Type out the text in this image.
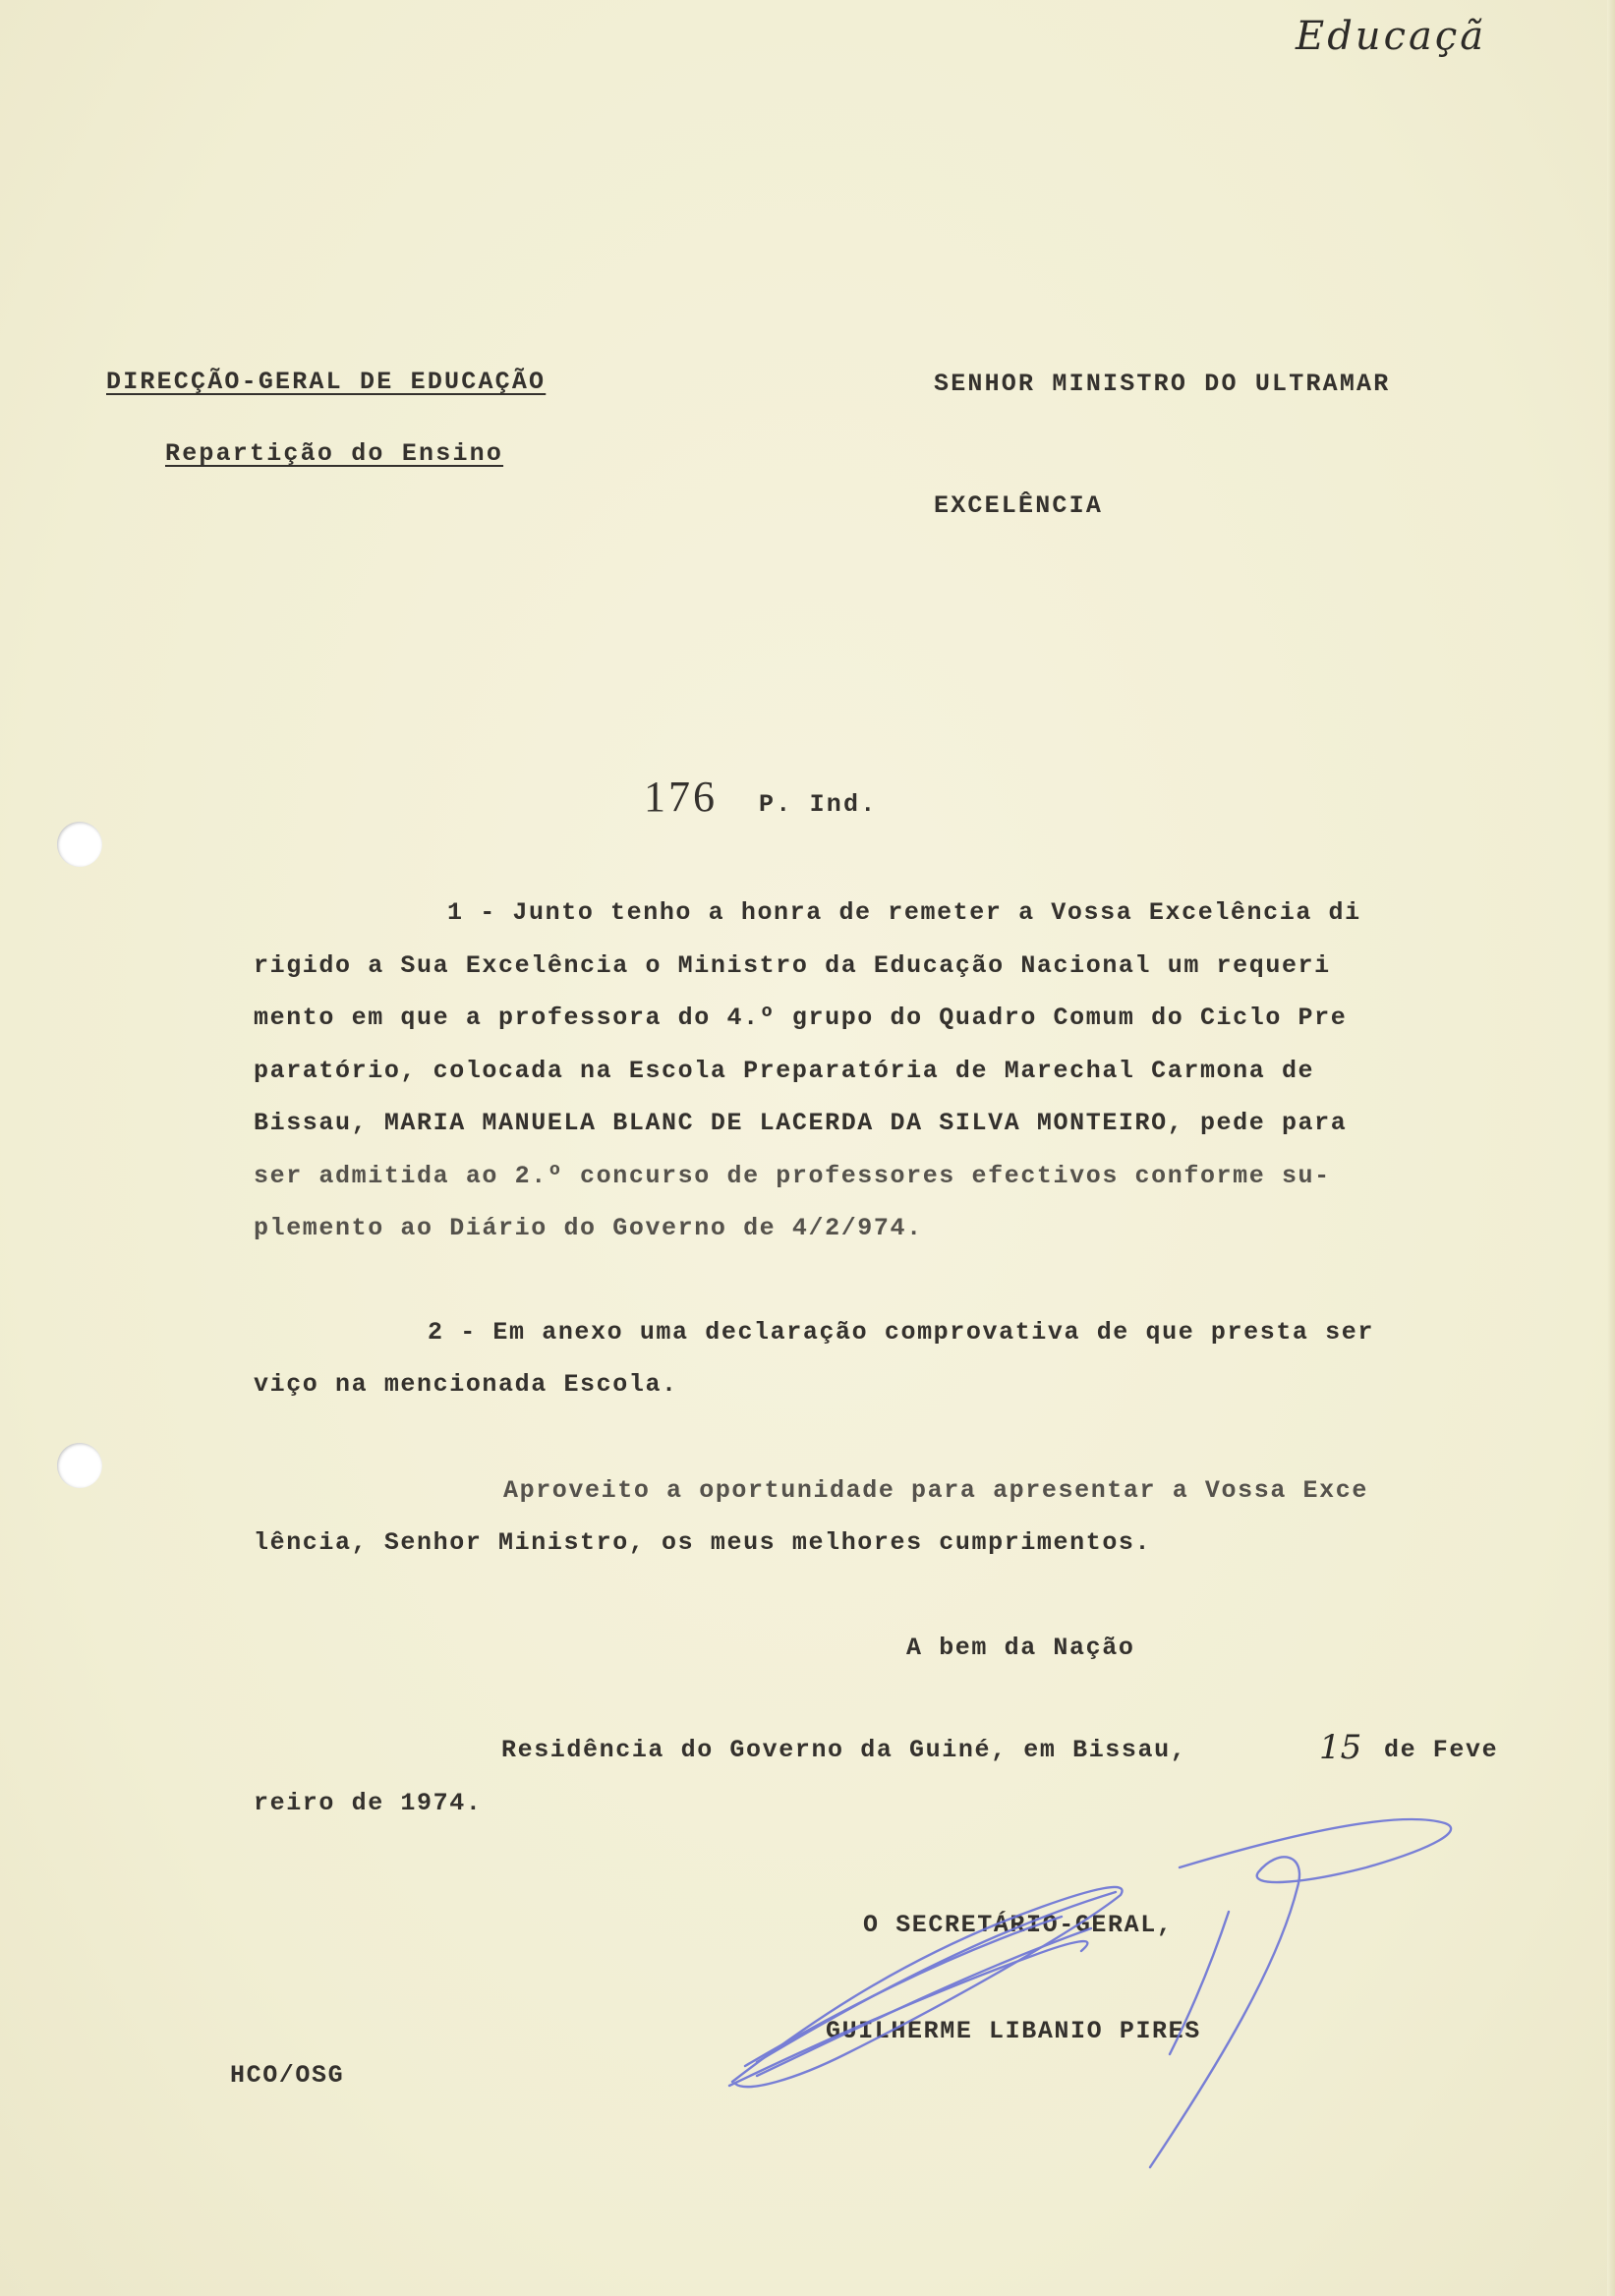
Educaçã
DIRECÇÃO-GERAL DE EDUCAÇÃO
Repartição do Ensino
SENHOR MINISTRO DO ULTRAMAR
EXCELÊNCIA
176 P. Ind.
1 - Junto tenho a honra de remeter a Vossa Excelência di
rigido a Sua Excelência o Ministro da Educação Nacional um requeri
mento em que a professora do 4.º grupo do Quadro Comum do Ciclo Pre
paratório, colocada na Escola Preparatória de Marechal Carmona de
Bissau, MARIA MANUELA BLANC DE LACERDA DA SILVA MONTEIRO, pede para
ser admitida ao 2.º concurso de professores efectivos conforme su-
plemento ao Diário do Governo de 4/2/974.
2 - Em anexo uma declaração comprovativa de que presta ser
viço na mencionada Escola.
Aproveito a oportunidade para apresentar a Vossa Exce
lência, Senhor Ministro, os meus melhores cumprimentos.
A bem da Nação
Residência do Governo da Guiné, em Bissau,	15 de Feve
reiro de 1974.
O SECRETÁRIO-GERAL,
GUILHERME LIBANIO PIRES
HCO/OSG
